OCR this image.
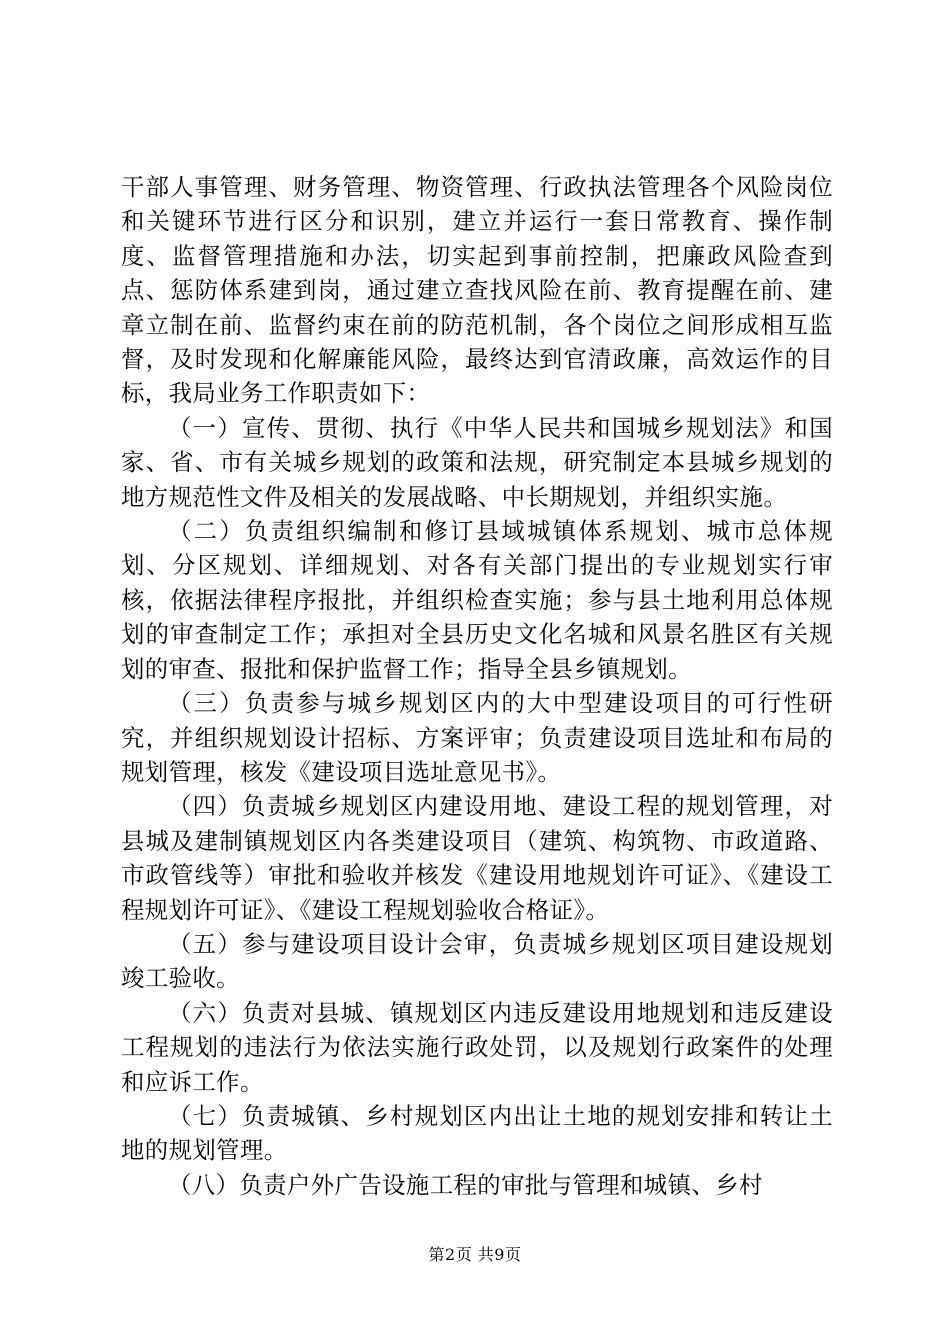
干部人事管理、财务管理、物资管理、行政执法管理各个风险岗位和关键环节进行区分和识别，建立并运行一套日常教育、操作制度、监督管理措施和办法，切实起到事前控制，把廉政风险查到点、惩防体系建到岗，通过建立查找风险在前、教育提醒在前、建章立制在前、监督约束在前的防范机制，各个岗位之间形成相互监督，及时发现和化解廉能风险，最终达到官清政廉，高效运作的目标，我局业务工作职责如下：

（一）宣传、贯彻、执行《中华人民共和国城乡规划法》和国家、省、市有关城乡规划的政策和法规，研究制定本县城乡规划的地方规范性文件及相关的发展战略、中长期规划，并组织实施。

（二）负责组织编制和修订县域城镇体系规划、城市总体规划、分区规划、详细规划、对各有关部门提出的专业规划实行审核，依据法律程序报批，并组织检查实施；参与县土地利用总体规划的审查制定工作；承担对全县历史文化名城和风景名胜区有关规划的审查、报批和保护监督工作；指导全县乡镇规划。

（三）负责参与城乡规划区内的大中型建设项目的可行性研究，并组织规划设计招标、方案评审；负责建设项目选址和布局的规划管理，核发《建设项目选址意见书》。

（四）负责城乡规划区内建设用地、建设工程的规划管理，对县城及建制镇规划区内各类建设项目（建筑、构筑物、市政道路、市政管线等）审批和验收并核发《建设用地规划许可证》、《建设工程规划许可证》、《建设工程规划验收合格证》。

（五）参与建设项目设计会审，负责城乡规划区项目建设规划竣工验收。

（六）负责对县城、镇规划区内违反建设用地规划和违反建设工程规划的违法行为依法实施行政处罚，以及规划行政案件的处理和应诉工作。

（七）负责城镇、乡村规划区内出让土地的规划安排和转让土地的规划管理。

（八）负责户外广告设施工程的审批与管理和城镇、乡村

第2页 共9页
